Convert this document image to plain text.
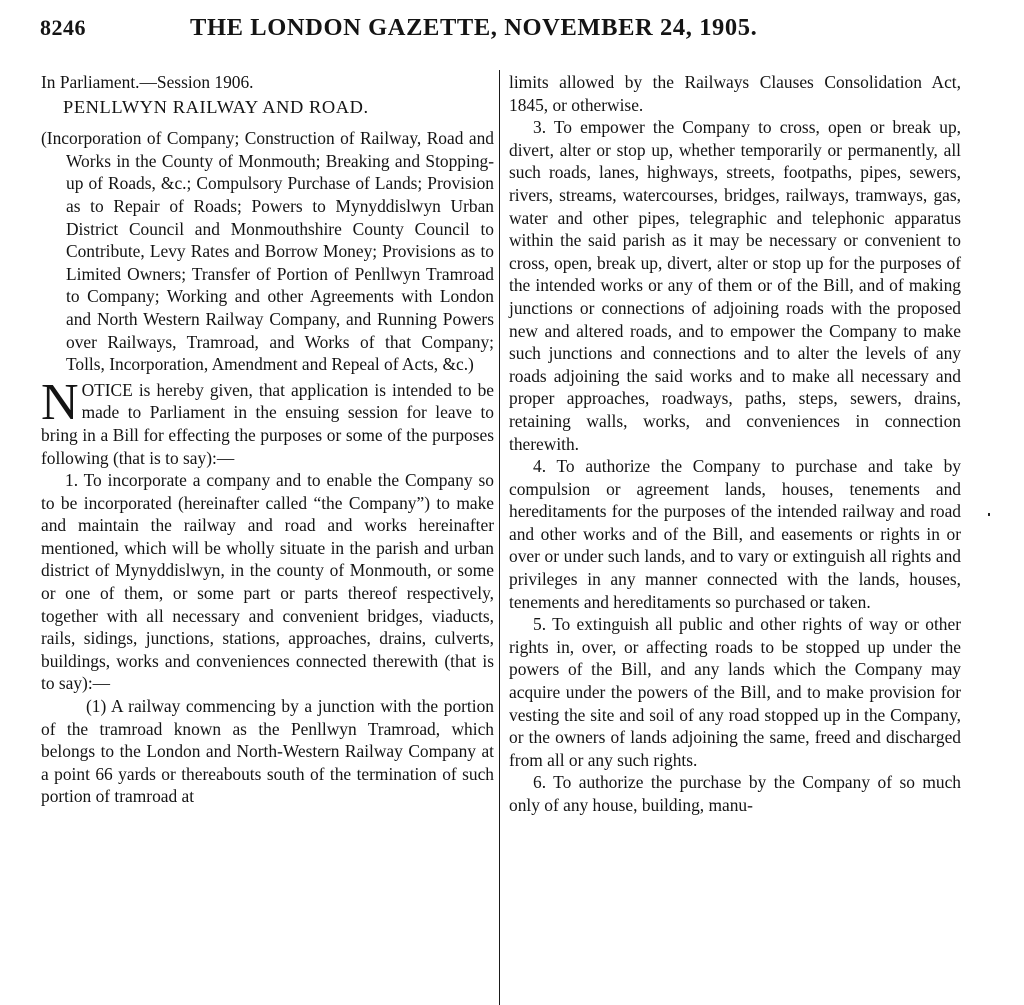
8246	THE LONDON GAZETTE, NOVEMBER 24, 1905.

In Parliament.—Session 1906.

PENLLWYN RAILWAY AND ROAD.

(Incorporation of Company; Construction of Railway, Road and Works in the County of Monmouth; Breaking and Stopping-up of Roads, &c.; Compulsory Purchase of Lands; Provision as to Repair of Roads; Powers to Mynyddislwyn Urban District Council and Monmouthshire County Council to Contribute, Levy Rates and Borrow Money; Provisions as to Limited Owners; Transfer of Portion of Penllwyn Tramroad to Company; Working and other Agreements with London and North Western Railway Company, and Running Powers over Railways, Tramroad, and Works of that Company; Tolls, Incorporation, Amendment and Repeal of Acts, &c.)

NOTICE is hereby given, that application is intended to be made to Parliament in the ensuing session for leave to bring in a Bill for effecting the purposes or some of the purposes following (that is to say):—

1. To incorporate a company and to enable the Company so to be incorporated (hereinafter called “the Company”) to make and maintain the railway and road and works hereinafter mentioned, which will be wholly situate in the parish and urban district of Mynyddislwyn, in the county of Monmouth, or some or one of them, or some part or parts thereof respectively, together with all necessary and convenient bridges, viaducts, rails, sidings, junctions, stations, approaches, drains, culverts, buildings, works and conveniences connected therewith (that is to say):—

(1) A railway commencing by a junction with the portion of the tramroad known as the Penllwyn Tramroad, which belongs to the London and North-Western Railway Company at a point 66 yards or thereabouts south of the termination of such portion of tramroad at

limits allowed by the Railways Clauses Consolidation Act, 1845, or otherwise.

3. To empower the Company to cross, open or break up, divert, alter or stop up, whether temporarily or permanently, all such roads, lanes, highways, streets, footpaths, pipes, sewers, rivers, streams, watercourses, bridges, railways, tramways, gas, water and other pipes, telegraphic and telephonic apparatus within the said parish as it may be necessary or convenient to cross, open, break up, divert, alter or stop up for the purposes of the intended works or any of them or of the Bill, and of making junctions or connections of adjoining roads with the proposed new and altered roads, and to empower the Company to make such junctions and connections and to alter the levels of any roads adjoining the said works and to make all necessary and proper approaches, roadways, paths, steps, sewers, drains, retaining walls, works, and conveniences in connection therewith.

4. To authorize the Company to purchase and take by compulsion or agreement lands, houses, tenements and hereditaments for the purposes of the intended railway and road and other works and of the Bill, and easements or rights in or over or under such lands, and to vary or extinguish all rights and privileges in any manner connected with the lands, houses, tenements and hereditaments so purchased or taken.

5. To extinguish all public and other rights of way or other rights in, over, or affecting roads to be stopped up under the powers of the Bill, and any lands which the Company may acquire under the powers of the Bill, and to make provision for vesting the site and soil of any road stopped up in the Company, or the owners of lands adjoining the same, freed and discharged from all or any such rights.

6. To authorize the purchase by the Company of so much only of any house, building, manu-
